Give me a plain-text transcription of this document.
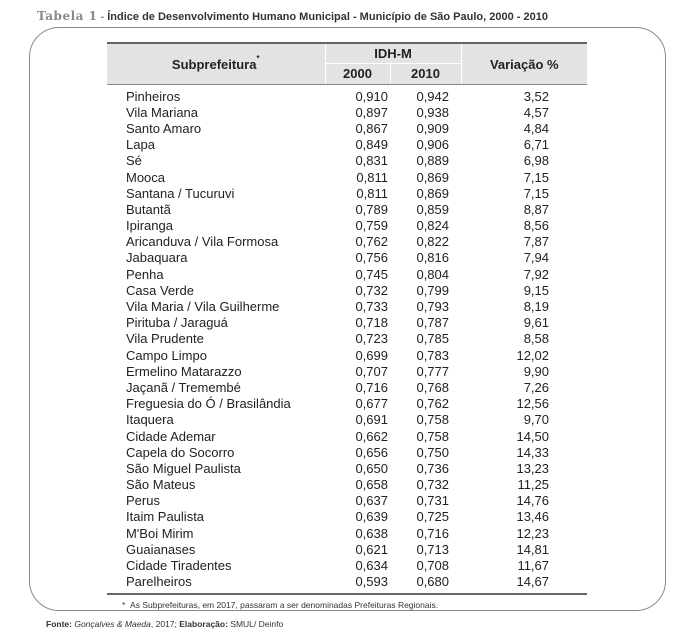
Tabela 1 - Índice de Desenvolvimento Humano Municipal - Município de São Paulo, 2000 - 2010
Subprefeitura*	IDH-M		Variação %
	2000	2010	
Pinheiros	0,910	0,942	3,52
Vila Mariana	0,897	0,938	4,57
Santo Amaro	0,867	0,909	4,84
Lapa	0,849	0,906	6,71
Sé	0,831	0,889	6,98
Mooca	0,811	0,869	7,15
Santana / Tucuruvi	0,811	0,869	7,15
Butantã	0,789	0,859	8,87
Ipiranga	0,759	0,824	8,56
Aricanduva / Vila Formosa	0,762	0,822	7,87
Jabaquara	0,756	0,816	7,94
Penha	0,745	0,804	7,92
Casa Verde	0,732	0,799	9,15
Vila Maria / Vila Guilherme	0,733	0,793	8,19
Pirituba / Jaraguá	0,718	0,787	9,61
Vila Prudente	0,723	0,785	8,58
Campo Limpo	0,699	0,783	12,02
Ermelino Matarazzo	0,707	0,777	9,90
Jaçanã / Tremembé	0,716	0,768	7,26
Freguesia do Ó / Brasilândia	0,677	0,762	12,56
Itaquera	0,691	0,758	9,70
Cidade Ademar	0,662	0,758	14,50
Capela do Socorro	0,656	0,750	14,33
São Miguel Paulista	0,650	0,736	13,23
São Mateus	0,658	0,732	11,25
Perus	0,637	0,731	14,76
Itaim Paulista	0,639	0,725	13,46
M'Boi Mirim	0,638	0,716	12,23
Guaianases	0,621	0,713	14,81
Cidade Tiradentes	0,634	0,708	11,67
Parelheiros	0,593	0,680	14,67
* As Subprefeituras, em 2017, passaram a ser denominadas Prefeituras Regionais.			
Fonte: Gonçalves & Maeda, 2017; Elaboração: SMUL/ Deinfo
